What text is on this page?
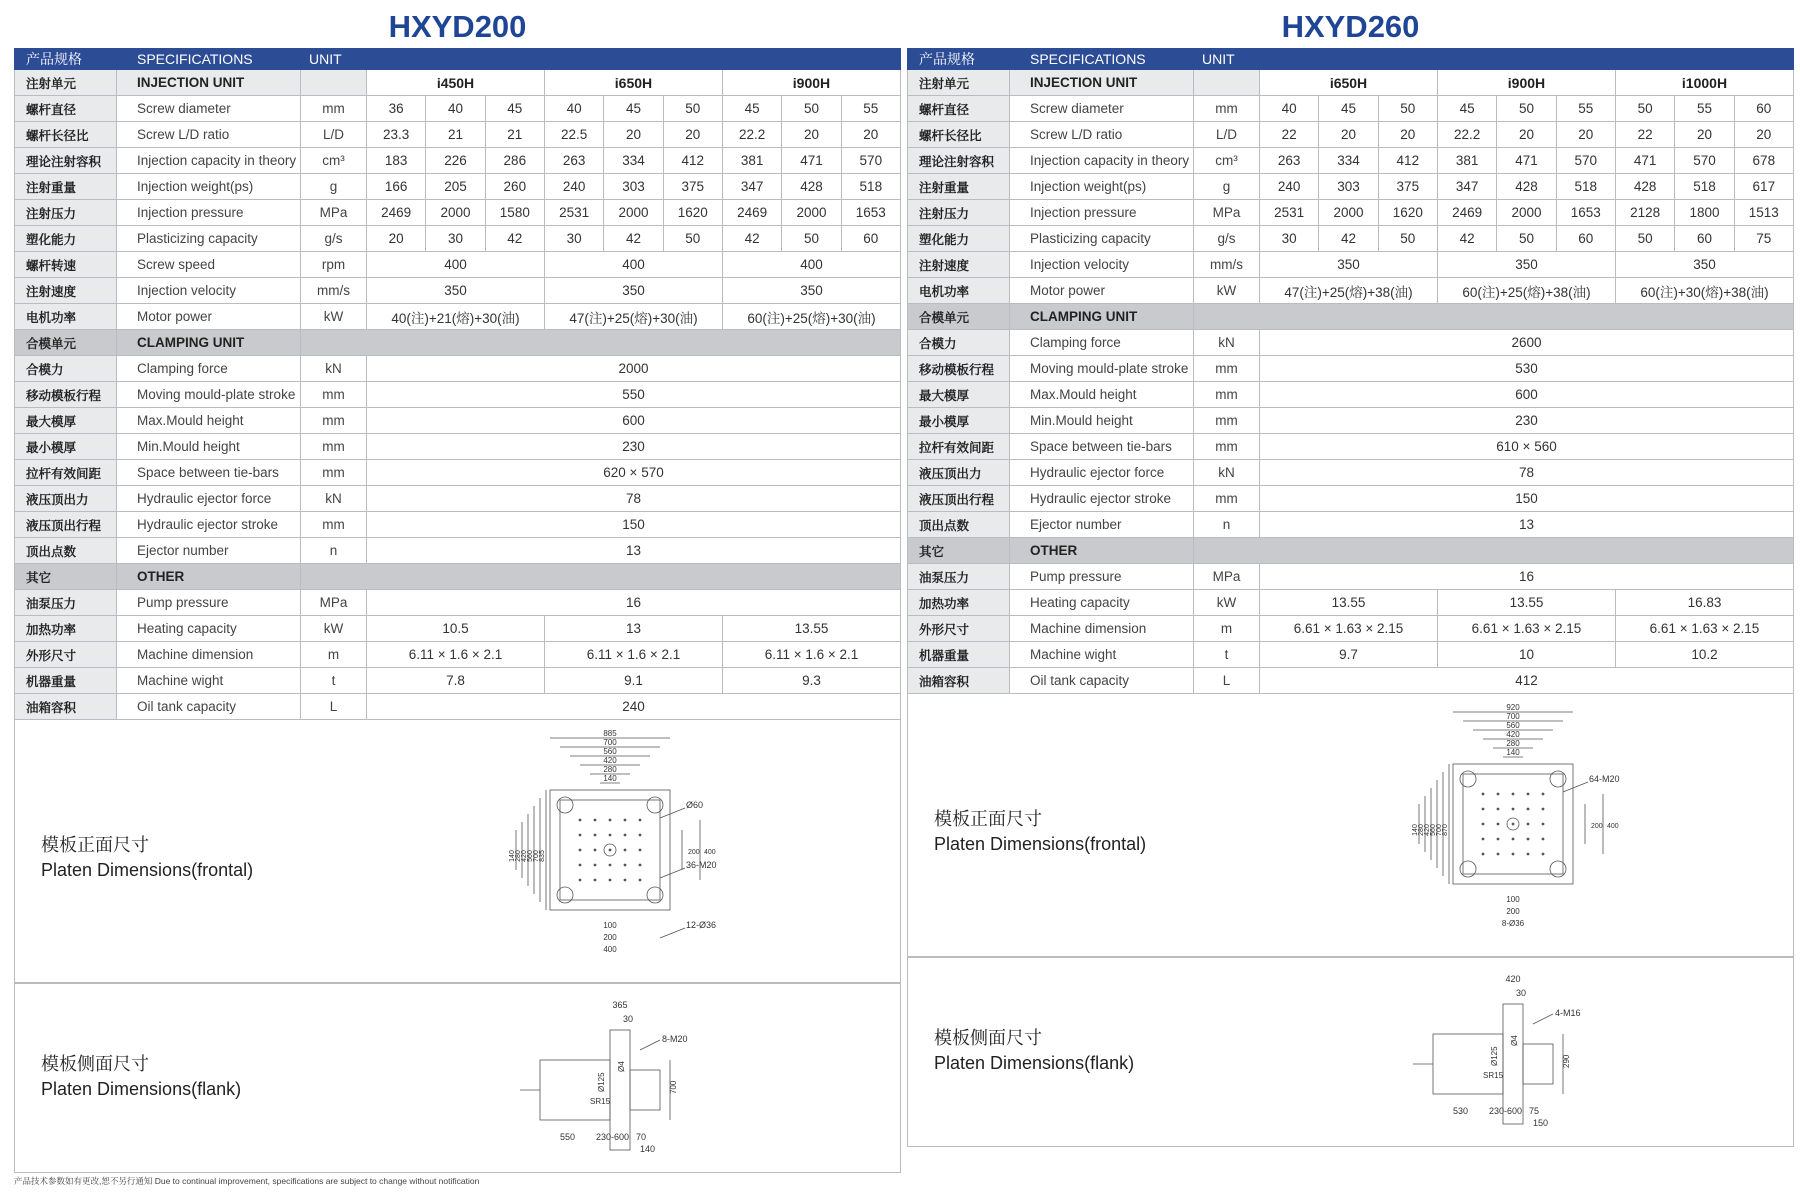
HXYD200
产品规格	SPECIFICATIONS	UNIT									
注射单元	INJECTION UNIT		i450H			i650H			i900H		
螺杆直径	Screw diameter	mm	36	40	45	40	45	50	45	50	55
螺杆长径比	Screw L/D ratio	L/D	23.3	21	21	22.5	20	20	22.2	20	20
理论注射容积	Injection capacity in theory	cm³	183	226	286	263	334	412	381	471	570
注射重量	Injection weight(ps)	g	166	205	260	240	303	375	347	428	518
注射压力	Injection pressure	MPa	2469	2000	1580	2531	2000	1620	2469	2000	1653
塑化能力	Plasticizing capacity	g/s	20	30	42	30	42	50	42	50	60
螺杆转速	Screw speed	rpm	400			400			400		
注射速度	Injection velocity	mm/s	350			350			350		
电机功率	Motor power	kW	40(注)+21(熔)+30(油)			47(注)+25(熔)+30(油)			60(注)+25(熔)+30(油)		
合模单元	CLAMPING UNIT										
合模力	Clamping force	kN	2000								
移动模板行程	Moving mould-plate stroke	mm	550								
最大模厚	Max.Mould height	mm	600								
最小模厚	Min.Mould height	mm	230								
拉杆有效间距	Space between tie-bars	mm	620 × 570								
液压顶出力	Hydraulic ejector force	kN	78								
液压顶出行程	Hydraulic ejector stroke	mm	150								
顶出点数	Ejector number	n	13								
其它	OTHER										
油泵压力	Pump pressure	MPa	16								
加热功率	Heating capacity	kW	10.5			13			13.55		
外形尺寸	Machine dimension	m	6.11 × 1.6 × 2.1			6.11 × 1.6 × 2.1			6.11 × 1.6 × 2.1		
机器重量	Machine wight	t	7.8			9.1			9.3		
油箱容积	Oil tank capacity	L	240								
模板正面尺寸
Platen Dimensions(frontal)
885
700
560
420
280
140
835
700
560
420
280
140	200 400
100
200
400
Ø60
36-M20
12-Ø36
模板侧面尺寸
Platen Dimensions(flank)
365
30
8-M20
Ø4
Ø125
SR15
700
550 230-600 70
140
HXYD260
产品规格	SPECIFICATIONS	UNIT									
注射单元	INJECTION UNIT		i650H			i900H			i1000H		
螺杆直径	Screw diameter	mm	40	45	50	45	50	55	50	55	60
螺杆长径比	Screw L/D ratio	L/D	22	20	20	22.2	20	20	22	20	20
理论注射容积	Injection capacity in theory	cm³	263	334	412	381	471	570	471	570	678
注射重量	Injection weight(ps)	g	240	303	375	347	428	518	428	518	617
注射压力	Injection pressure	MPa	2531	2000	1620	2469	2000	1653	2128	1800	1513
塑化能力	Plasticizing capacity	g/s	30	42	50	42	50	60	50	60	75
注射速度	Injection velocity	mm/s	350			350			350		
电机功率	Motor power	kW	47(注)+25(熔)+38(油)			60(注)+25(熔)+38(油)			60(注)+30(熔)+38(油)		
合模单元	CLAMPING UNIT										
合模力	Clamping force	kN	2600								
移动模板行程	Moving mould-plate stroke	mm	530								
最大模厚	Max.Mould height	mm	600								
最小模厚	Min.Mould height	mm	230								
拉杆有效间距	Space between tie-bars	mm	610 × 560								
液压顶出力	Hydraulic ejector force	kN	78								
液压顶出行程	Hydraulic ejector stroke	mm	150								
顶出点数	Ejector number	n	13								
其它	OTHER										
油泵压力	Pump pressure	MPa	16								
加热功率	Heating capacity	kW	13.55			13.55			16.83		
外形尺寸	Machine dimension	m	6.61 × 1.63 × 2.15			6.61 × 1.63 × 2.15			6.61 × 1.63 × 2.15		
机器重量	Machine wight	t	9.7			10			10.2		
油箱容积	Oil tank capacity	L	412								
模板正面尺寸
Platen Dimensions(frontal)
920
700
560
420
280
140
870
700
560
420
280
140	200 400
100
200
8-Ø36
64-M20
模板侧面尺寸
Platen Dimensions(flank)
420
30
4-M16
Ø4
Ø125
SR15
290
530 230-600 75
150
产品技术参数如有更改,恕不另行通知 Due to continual improvement, specifications are subject to change without notification
